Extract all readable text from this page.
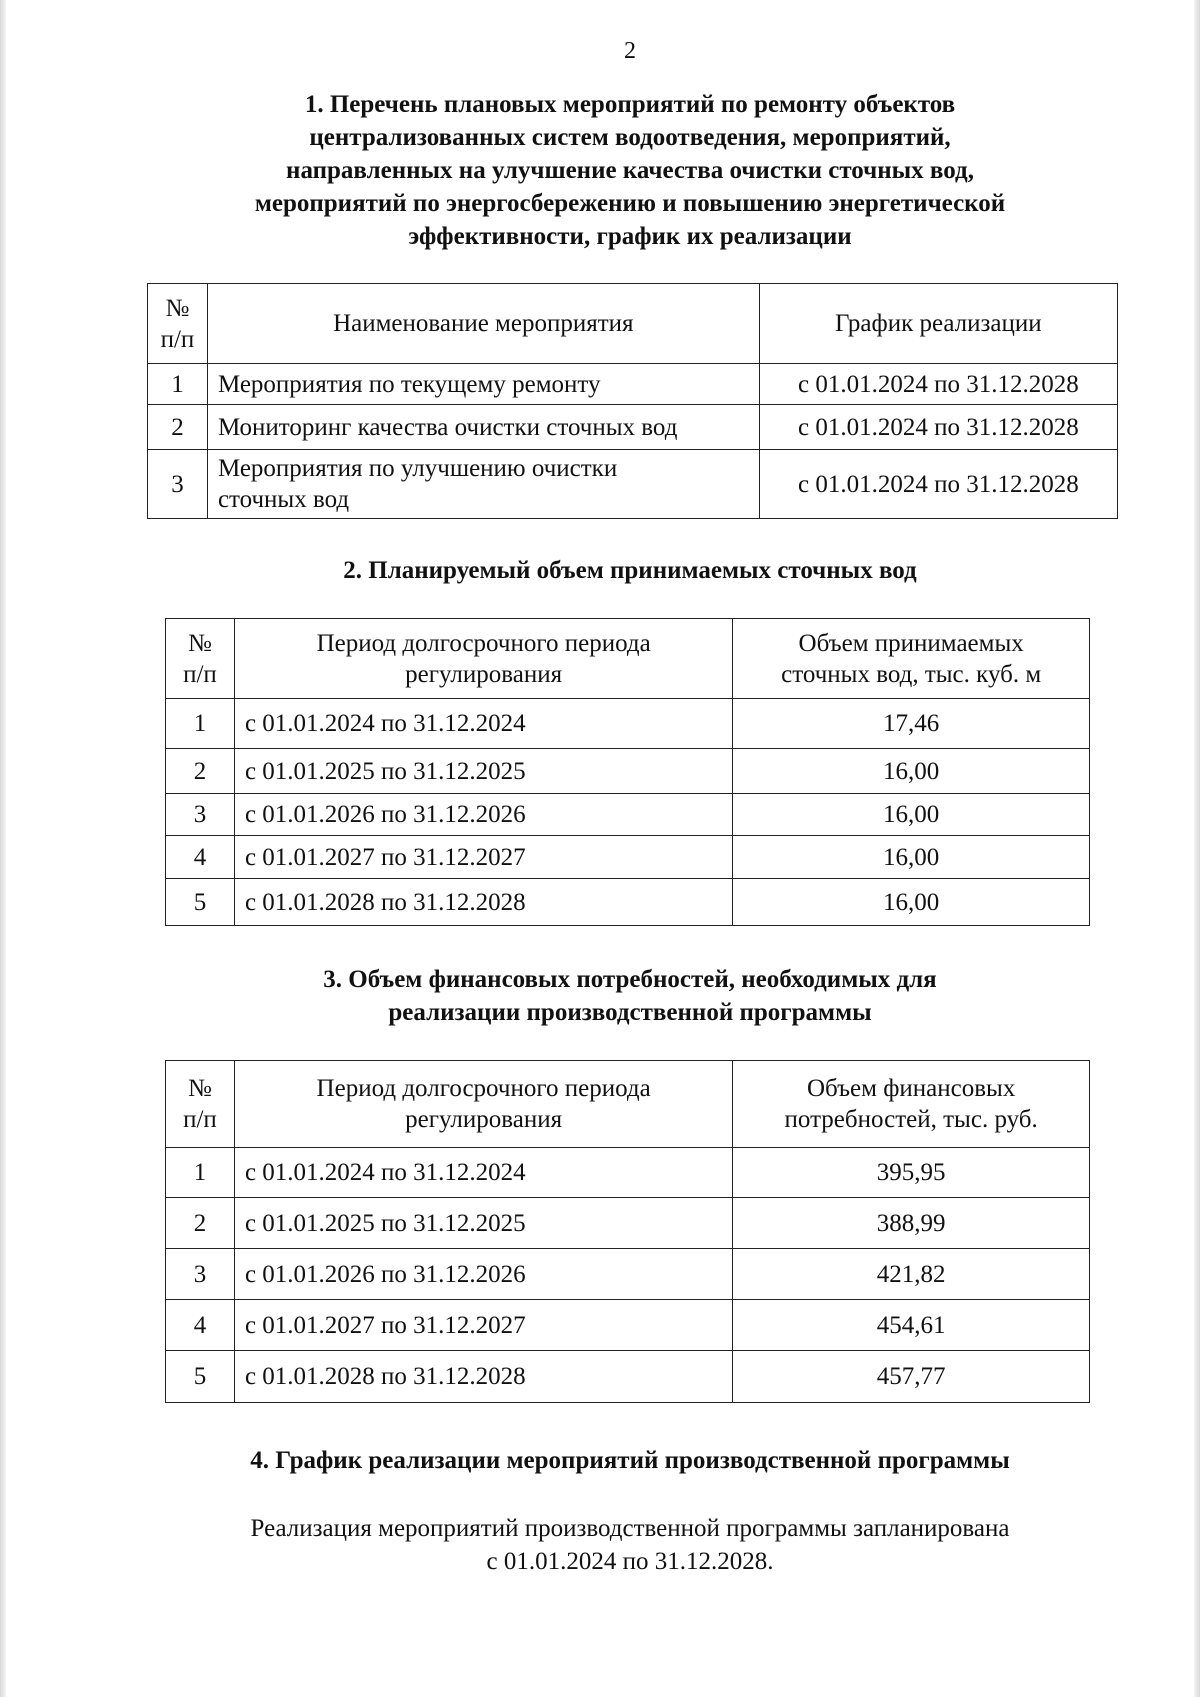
2
1. Перечень плановых мероприятий по ремонту объектов
централизованных систем водоотведения, мероприятий,
направленных на улучшение качества очистки сточных вод,
мероприятий по энергосбережению и повышению энергетической
эффективности, график их реализации
№ п/п	Наименование мероприятия	График реализации
1	Мероприятия по текущему ремонту	с 01.01.2024 по 31.12.2028
2	Мониторинг качества очистки сточных вод	с 01.01.2024 по 31.12.2028
3	Мероприятия по улучшению очистки сточных вод	с 01.01.2024 по 31.12.2028
2. Планируемый объем принимаемых сточных вод
№ п/п	Период долгосрочного периода регулирования	Объем принимаемых сточных вод, тыс. куб. м
1	с 01.01.2024 по 31.12.2024	17,46
2	с 01.01.2025 по 31.12.2025	16,00
3	с 01.01.2026 по 31.12.2026	16,00
4	с 01.01.2027 по 31.12.2027	16,00
5	с 01.01.2028 по 31.12.2028	16,00
3. Объем финансовых потребностей, необходимых для
реализации производственной программы
№ п/п	Период долгосрочного периода регулирования	Объем финансовых потребностей, тыс. руб.
1	с 01.01.2024 по 31.12.2024	395,95
2	с 01.01.2025 по 31.12.2025	388,99
3	с 01.01.2026 по 31.12.2026	421,82
4	с 01.01.2027 по 31.12.2027	454,61
5	с 01.01.2028 по 31.12.2028	457,77
4. График реализации мероприятий производственной программы
Реализация мероприятий производственной программы запланирована
с 01.01.2024 по 31.12.2028.
